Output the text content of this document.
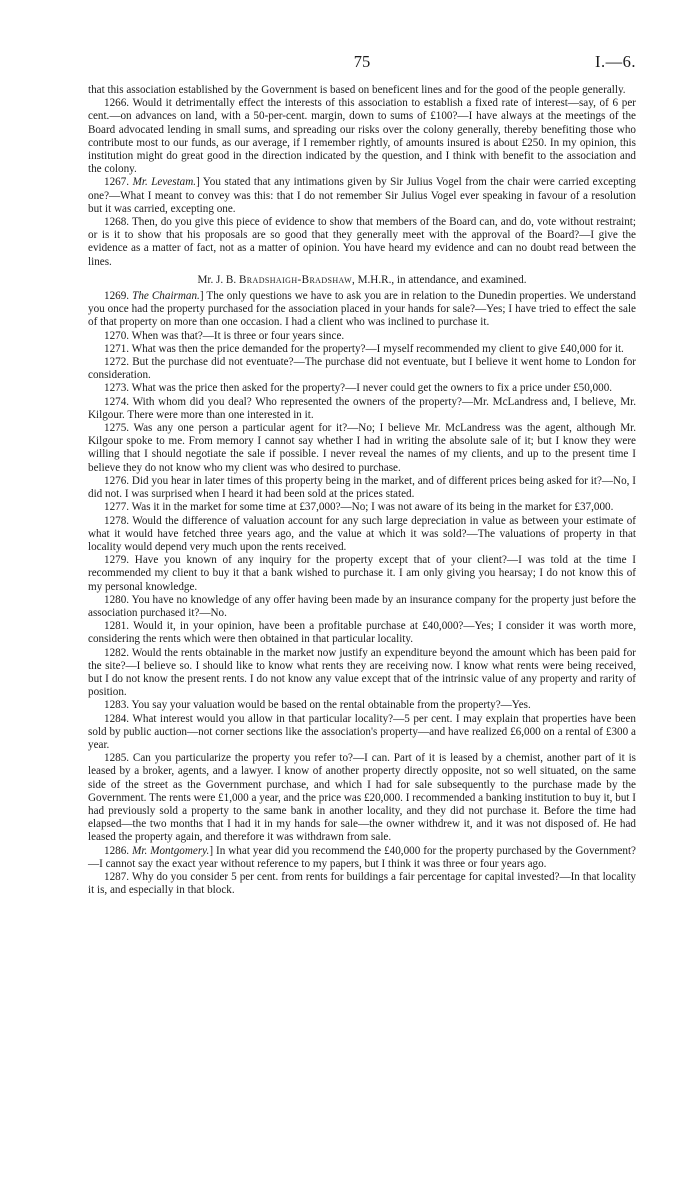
75	I.—6.

that this association established by the Government is based on beneficent lines and for the good of the people generally.

1266. Would it detrimentally effect the interests of this association to establish a fixed rate of interest—say, of 6 per cent.—on advances on land, with a 50-per-cent. margin, down to sums of £100?—I have always at the meetings of the Board advocated lending in small sums, and spreading our risks over the colony generally, thereby benefiting those who contribute most to our funds, as our average, if I remember rightly, of amounts insured is about £250. In my opinion, this institution might do great good in the direction indicated by the question, and I think with benefit to the association and the colony.

1267. Mr. Levestam.] You stated that any intimations given by Sir Julius Vogel from the chair were carried excepting one?—What I meant to convey was this: that I do not remember Sir Julius Vogel ever speaking in favour of a resolution but it was carried, excepting one.

1268. Then, do you give this piece of evidence to show that members of the Board can, and do, vote without restraint; or is it to show that his proposals are so good that they generally meet with the approval of the Board?—I give the evidence as a matter of fact, not as a matter of opinion. You have heard my evidence and can no doubt read between the lines.

Mr. J. B. Bradshaigh-Bradshaw, M.H.R., in attendance, and examined.

1269. The Chairman.] The only questions we have to ask you are in relation to the Dunedin properties. We understand you once had the property purchased for the association placed in your hands for sale?—Yes; I have tried to effect the sale of that property on more than one occasion. I had a client who was inclined to purchase it.

1270. When was that?—It is three or four years since.

1271. What was then the price demanded for the property?—I myself recommended my client to give £40,000 for it.

1272. But the purchase did not eventuate?—The purchase did not eventuate, but I believe it went home to London for consideration.

1273. What was the price then asked for the property?—I never could get the owners to fix a price under £50,000.

1274. With whom did you deal? Who represented the owners of the property?—Mr. McLandress and, I believe, Mr. Kilgour. There were more than one interested in it.

1275. Was any one person a particular agent for it?—No; I believe Mr. McLandress was the agent, although Mr. Kilgour spoke to me. From memory I cannot say whether I had in writing the absolute sale of it; but I know they were willing that I should negotiate the sale if possible. I never reveal the names of my clients, and up to the present time I believe they do not know who my client was who desired to purchase.

1276. Did you hear in later times of this property being in the market, and of different prices being asked for it?—No, I did not. I was surprised when I heard it had been sold at the prices stated.

1277. Was it in the market for some time at £37,000?—No; I was not aware of its being in the market for £37,000.

1278. Would the difference of valuation account for any such large depreciation in value as between your estimate of what it would have fetched three years ago, and the value at which it was sold?—The valuations of property in that locality would depend very much upon the rents received.

1279. Have you known of any inquiry for the property except that of your client?—I was told at the time I recommended my client to buy it that a bank wished to purchase it. I am only giving you hearsay; I do not know this of my personal knowledge.

1280. You have no knowledge of any offer having been made by an insurance company for the property just before the association purchased it?—No.

1281. Would it, in your opinion, have been a profitable purchase at £40,000?—Yes; I consider it was worth more, considering the rents which were then obtained in that particular locality.

1282. Would the rents obtainable in the market now justify an expenditure beyond the amount which has been paid for the site?—I believe so. I should like to know what rents they are receiving now. I know what rents were being received, but I do not know the present rents. I do not know any value except that of the intrinsic value of any property and rarity of position.

1283. You say your valuation would be based on the rental obtainable from the property?—Yes.

1284. What interest would you allow in that particular locality?—5 per cent. I may explain that properties have been sold by public auction—not corner sections like the association's property—and have realized £6,000 on a rental of £300 a year.

1285. Can you particularize the property you refer to?—I can. Part of it is leased by a chemist, another part of it is leased by a broker, agents, and a lawyer. I know of another property directly opposite, not so well situated, on the same side of the street as the Government purchase, and which I had for sale subsequently to the purchase made by the Government. The rents were £1,000 a year, and the price was £20,000. I recommended a banking institution to buy it, but I had previously sold a property to the same bank in another locality, and they did not purchase it. Before the time had elapsed—the two months that I had it in my hands for sale—the owner withdrew it, and it was not disposed of. He had leased the property again, and therefore it was withdrawn from sale.

1286. Mr. Montgomery.] In what year did you recommend the £40,000 for the property purchased by the Government?—I cannot say the exact year without reference to my papers, but I think it was three or four years ago.

1287. Why do you consider 5 per cent. from rents for buildings a fair percentage for capital invested?—In that locality it is, and especially in that block.
